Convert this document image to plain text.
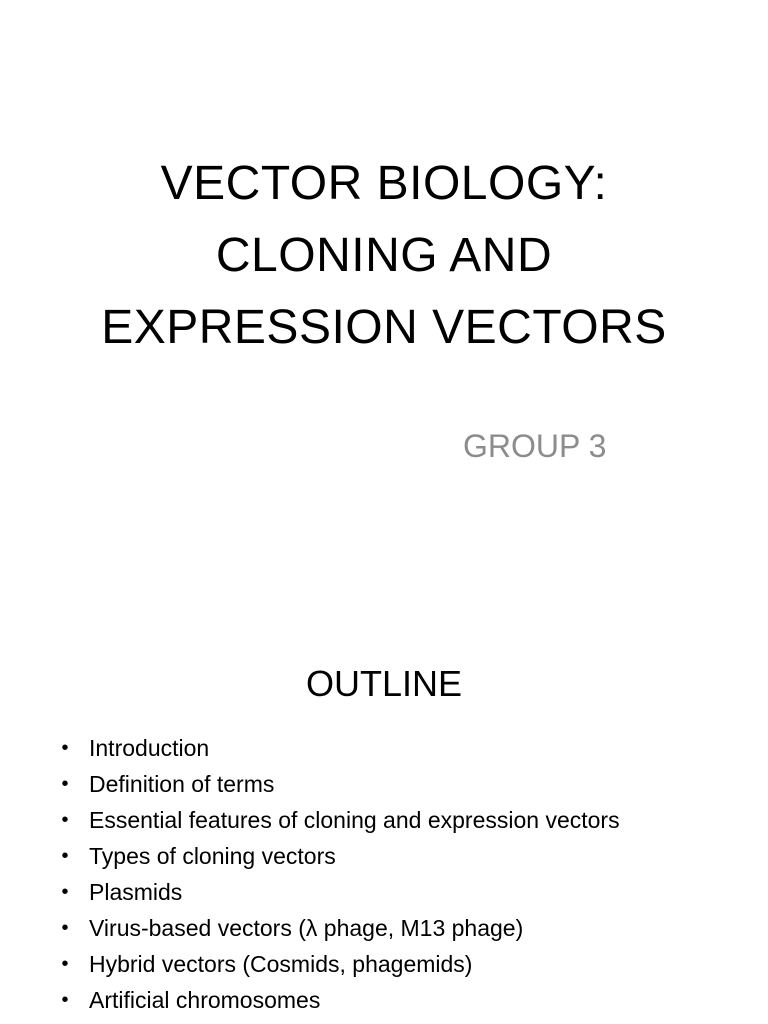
VECTOR BIOLOGY:
CLONING AND
EXPRESSION VECTORS

GROUP 3

OUTLINE
• Introduction
• Definition of terms
• Essential features of cloning and expression vectors
• Types of cloning vectors
• Plasmids
• Virus-based vectors (λ phage, M13 phage)
• Hybrid vectors (Cosmids, phagemids)
• Artificial chromosomes
